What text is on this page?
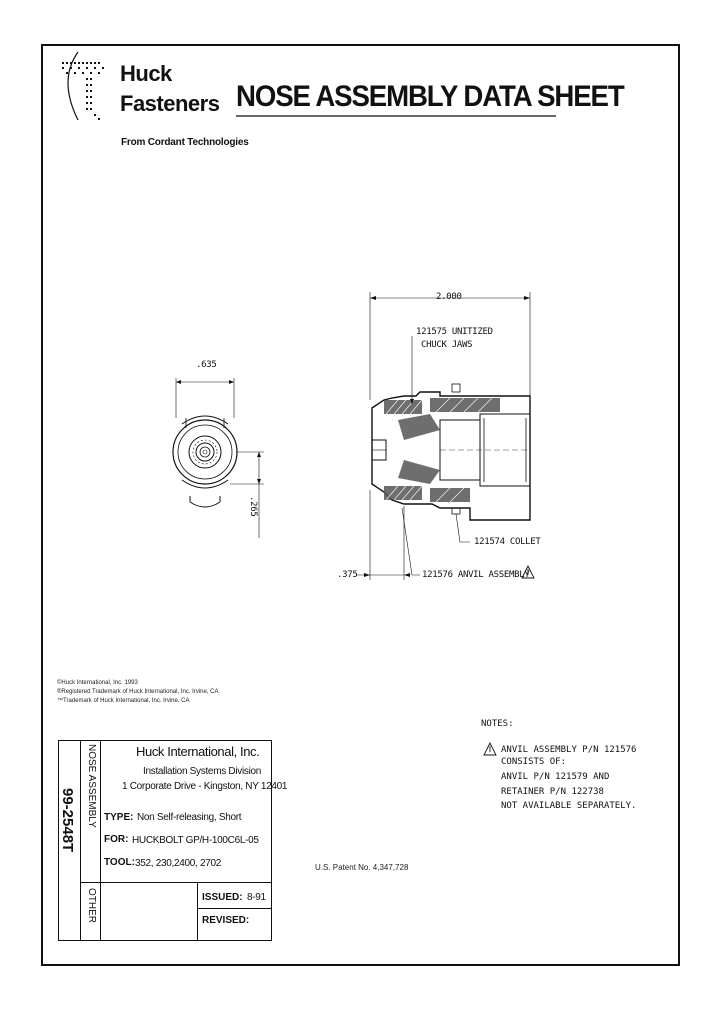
Huck
Fasteners
From Cordant Technologies
NOSE ASSEMBLY DATA SHEET
2.000
.375
.635
.265
121575 UNITIZED
CHUCK JAWS
121574 COLLET
121576 ANVIL ASSEMBLY
©Huck International, Inc. 1993
®Registered Trademark of Huck International, Inc. Irvine, CA
™Trademark of Huck International, Inc. Irvine, CA
NOTES:
ANVIL ASSEMBLY P/N 121576
CONSISTS OF:
ANVIL P/N 121579 AND
RETAINER P/N 122738
NOT AVAILABLE SEPARATELY.
U.S. Patent No. 4,347,728
99-2548T NOSE ASSEMBLY
OTHER
Huck International, Inc.
Installation Systems Division
1 Corporate Drive - Kingston, NY 12401
TYPE: Non Self-releasing, Short
FOR: HUCKBOLT GP/H-100C6L-05
TOOL: 352, 230,2400, 2702
ISSUED: 8-91
REVISED:
